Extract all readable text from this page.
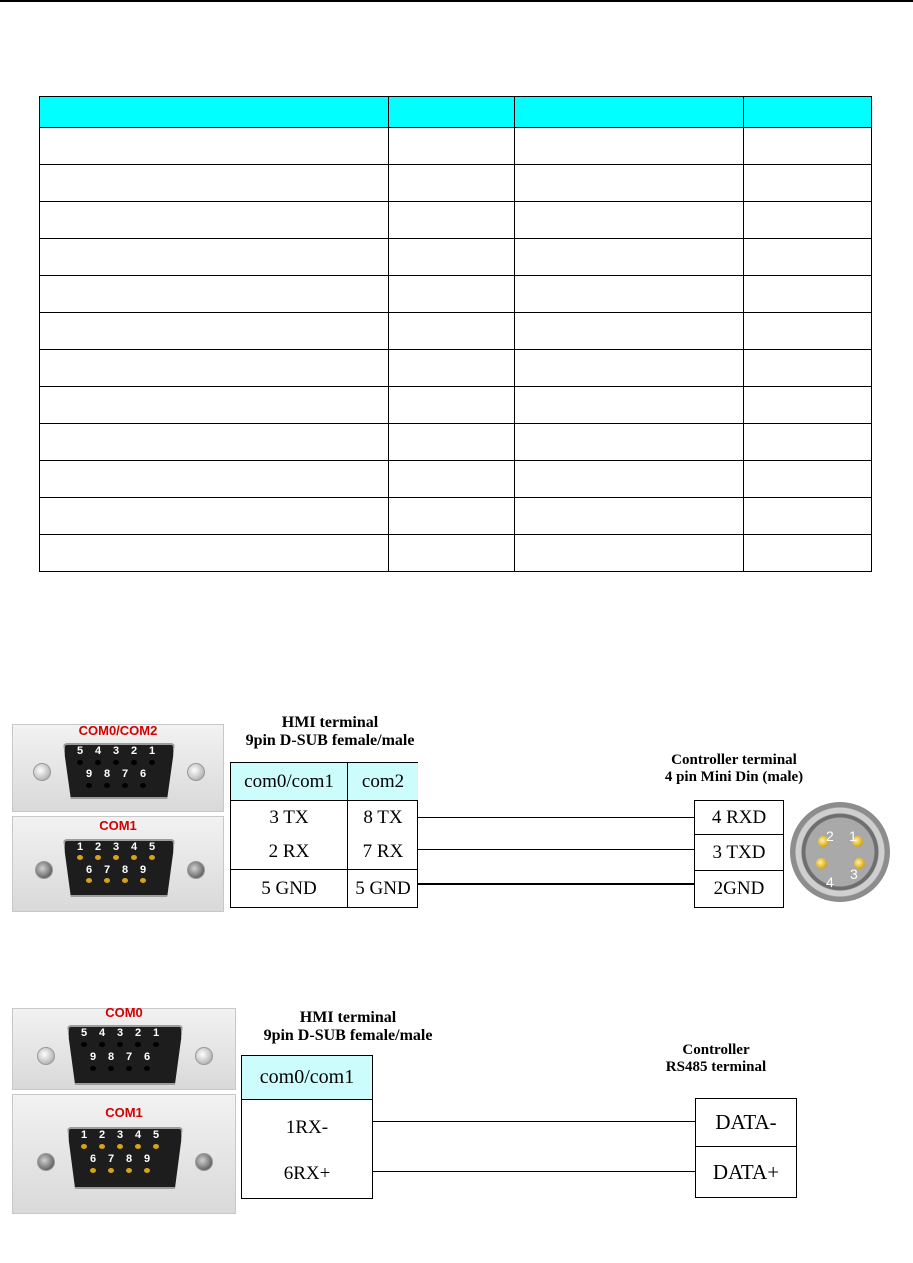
COM0/COM2
5	4	3	2	1
9	8	7	6
COM1
1	2	3	4	5
6	7	8	9
HMI terminal
9pin D-SUB female/male
Controller terminal
4 pin Mini Din (male)
com0/com1	com2
3 TX	8 TX
2 RX	7 RX
5 GND	5 GND
4 RXD
3 TXD
2GND
2 1
4 3
COM0
5	4	3	2	1
9	8	7	6
COM1
1	2	3	4	5
6	7	8	9
HMI terminal
9pin D-SUB female/male
Controller
RS485 terminal
com0/com1
1RX-
6RX+
DATA-
DATA+
